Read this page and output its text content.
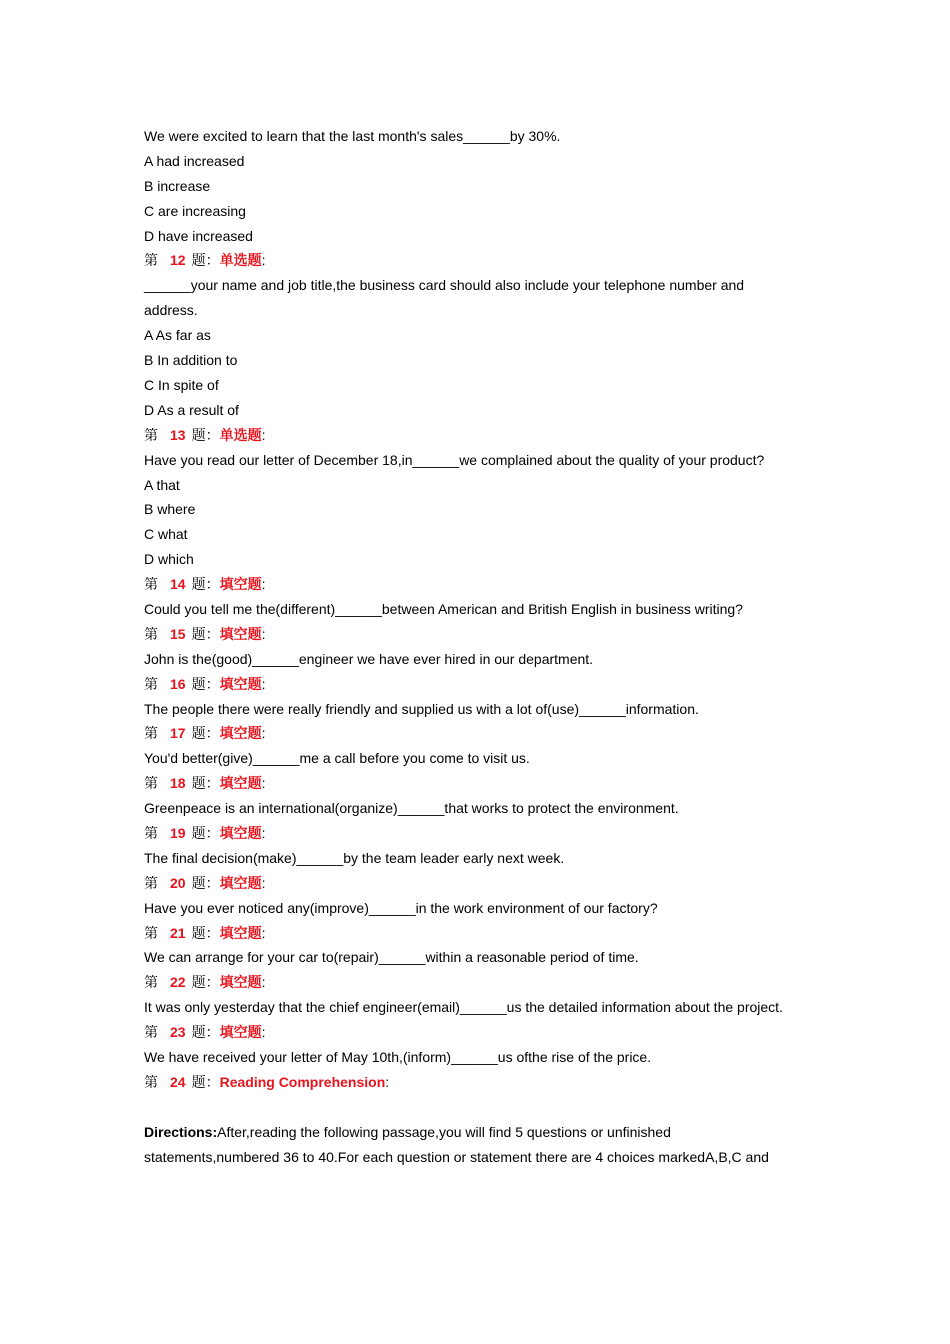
We were excited to learn that the last month's sales______by 30%.
A had increased
B increase
C are increasing
D have increased
第 12 题：单选题:
______your name and job title,the business card should also include your telephone number and address.
A As far as
B In addition to
C In spite of
D As a result of
第 13 题：单选题:
Have you read our letter of December 18,in______we complained about the quality of your product?
A that
B where
C what
D which
第 14 题：填空题:
Could you tell me the(different)______between American and British English in business writing?
第 15 题：填空题:
John is the(good)______engineer we have ever hired in our department.
第 16 题：填空题:
The people there were really friendly and supplied us with a lot of(use)______information.
第 17 题：填空题:
You'd better(give)______me a call before you come to visit us.
第 18 题：填空题:
Greenpeace is an international(organize)______that works to protect the environment.
第 19 题：填空题:
The final decision(make)______by the team leader early next week.
第 20 题：填空题:
Have you ever noticed any(improve)______in the work environment of our factory?
第 21 题：填空题:
We can arrange for your car to(repair)______within a reasonable period of time.
第 22 题：填空题:
It was only yesterday that the chief engineer(email)______us the detailed information about the project.
第 23 题：填空题:
We have received your letter of May 10th,(inform)______us ofthe rise of the price.
第 24 题：Reading Comprehension:
Directions:After,reading the following passage,you will find 5 questions or unfinished statements,numbered 36 to 40.For each question or statement there are 4 choices markedA,B,C and
